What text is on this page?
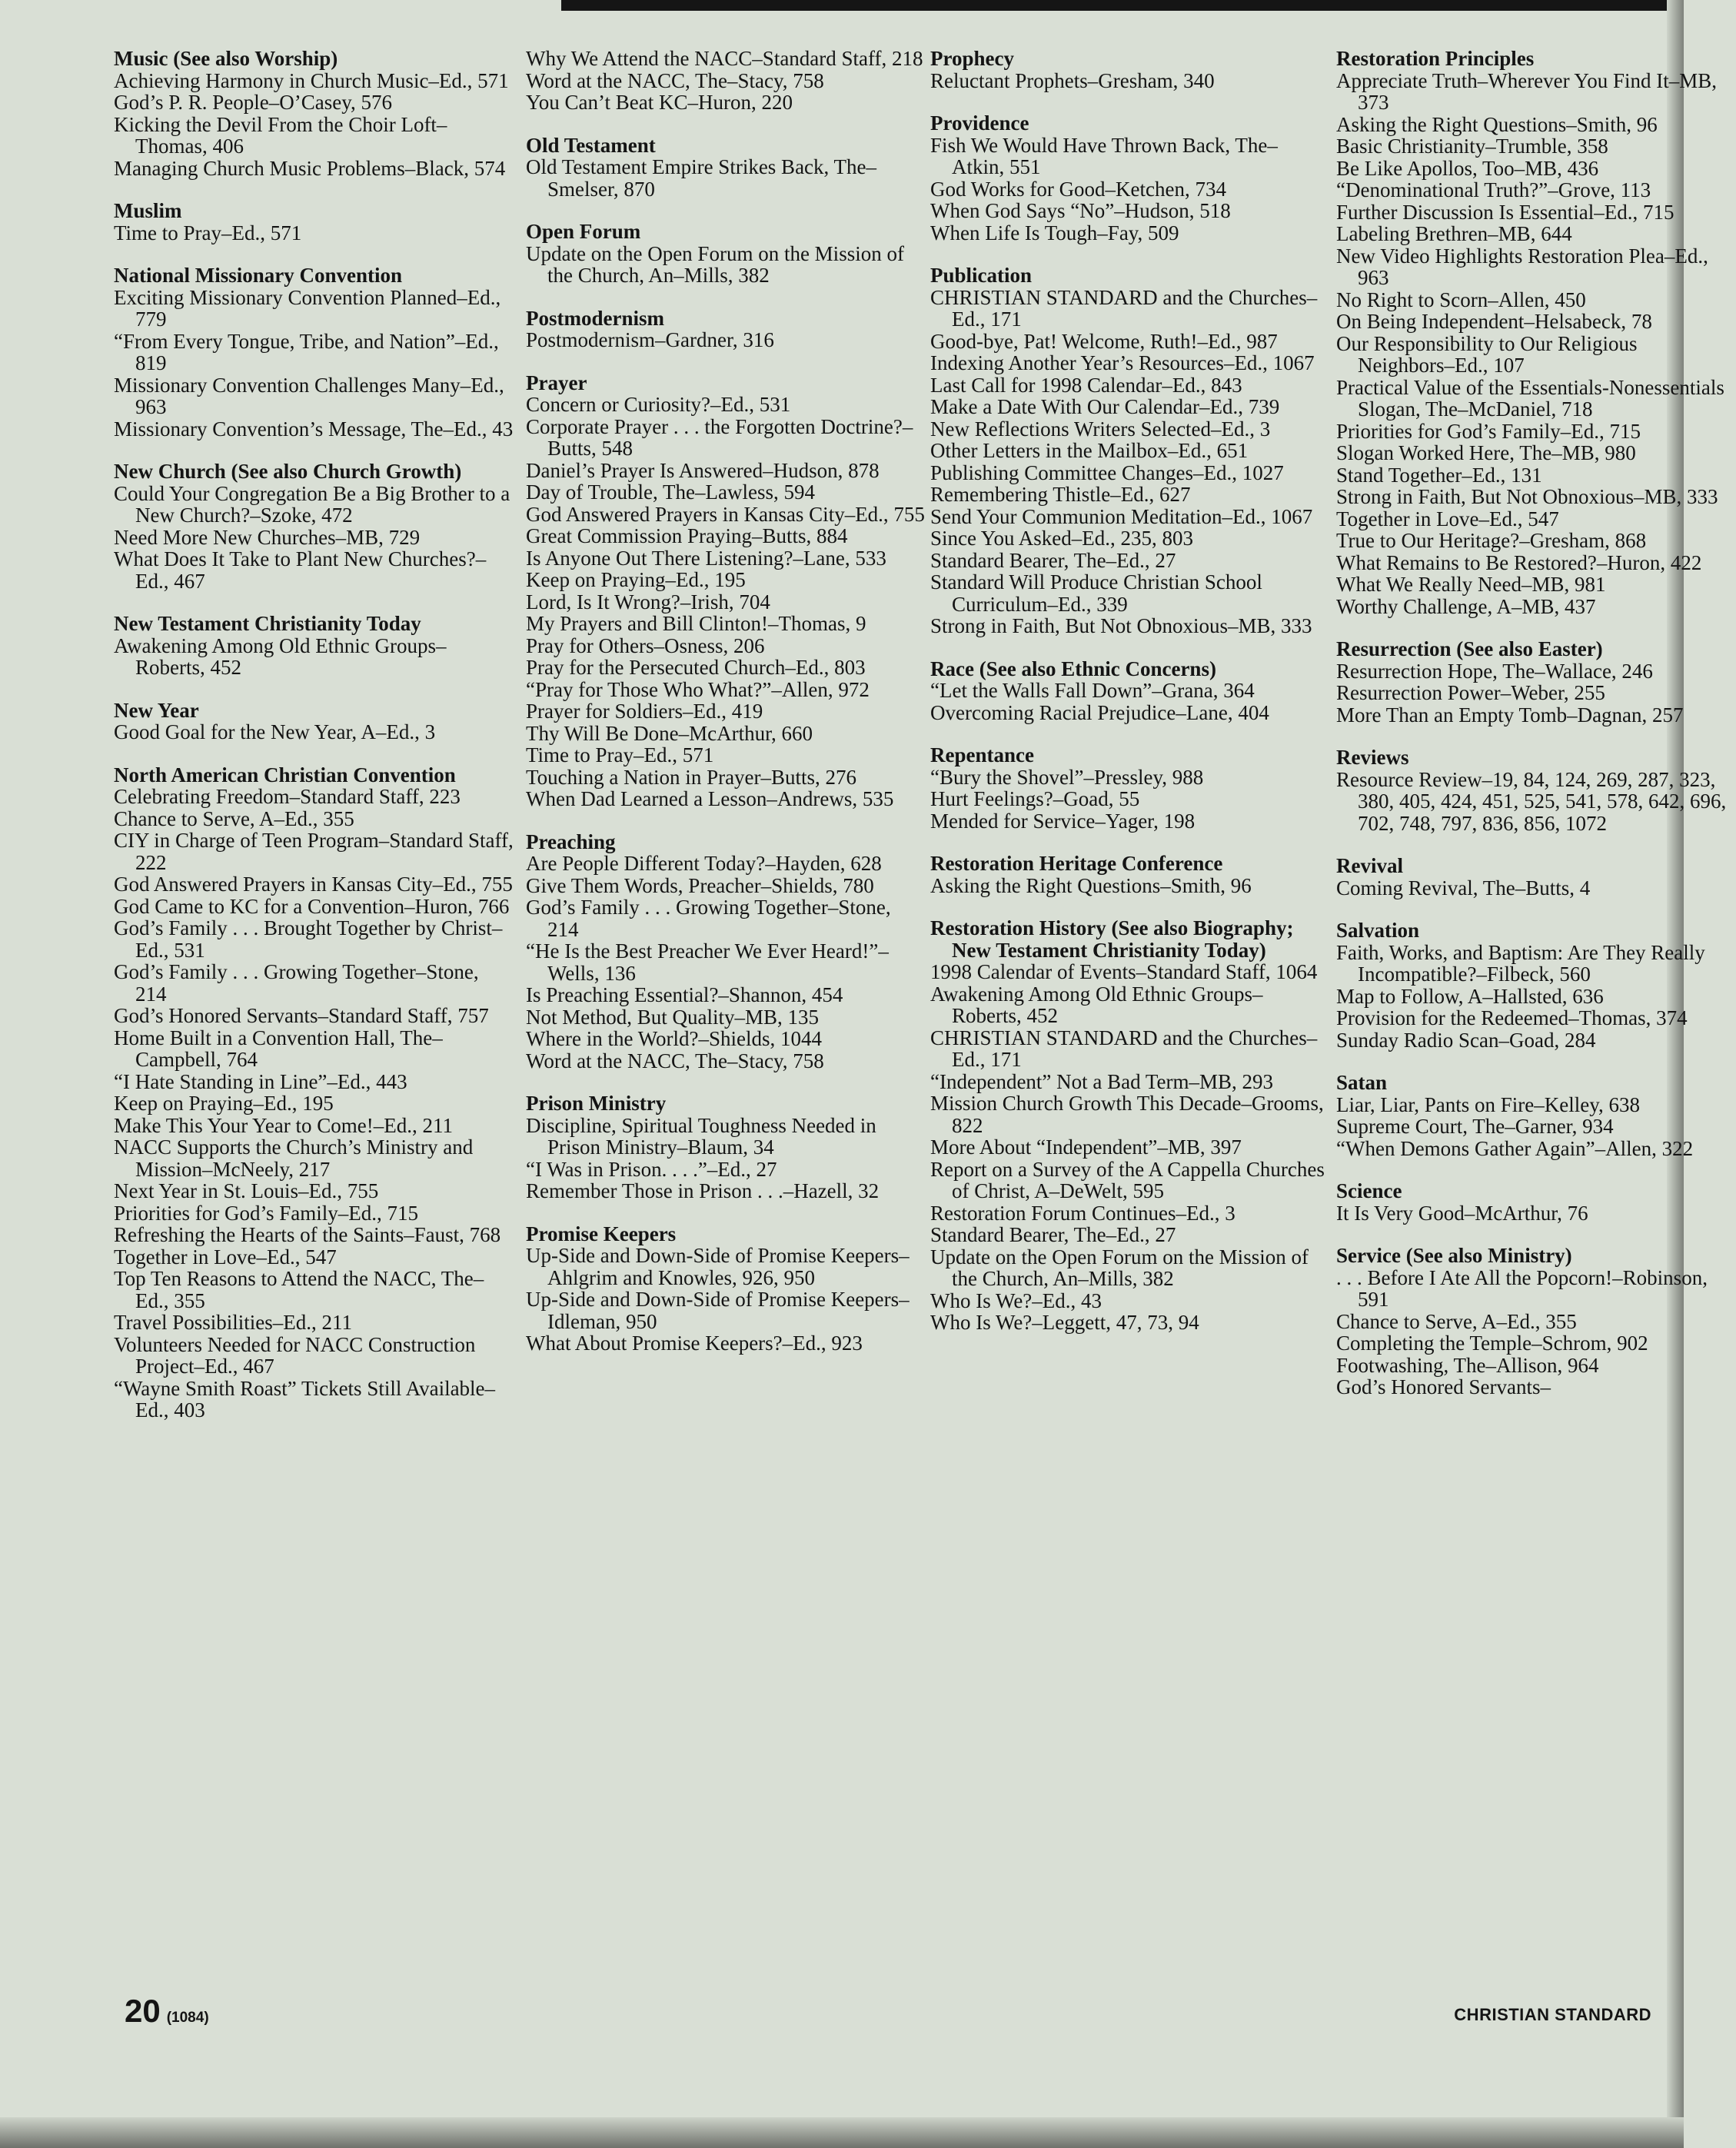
Music (See also Worship)
Achieving Harmony in Church Music–Ed., 571
God’s P. R. People–O’Casey, 576
Kicking the Devil From the Choir Loft–Thomas, 406
Managing Church Music Problems–Black, 574
Muslim
Time to Pray–Ed., 571
National Missionary Convention
Exciting Missionary Convention Planned–Ed., 779
“From Every Tongue, Tribe, and Nation”–Ed., 819
Missionary Convention Challenges Many–Ed., 963
Missionary Convention’s Message, The–Ed., 43
New Church (See also Church Growth)
Could Your Congregation Be a Big Brother to a New Church?–Szoke, 472
Need More New Churches–MB, 729
What Does It Take to Plant New Churches?–Ed., 467
New Testament Christianity Today
Awakening Among Old Ethnic Groups–Roberts, 452
New Year
Good Goal for the New Year, A–Ed., 3
North American Christian Convention
Celebrating Freedom–Standard Staff, 223
Chance to Serve, A–Ed., 355
CIY in Charge of Teen Program–Standard Staff, 222
God Answered Prayers in Kansas City–Ed., 755
God Came to KC for a Convention–Huron, 766
God’s Family . . . Brought Together by Christ–Ed., 531
God’s Family . . . Growing Together–Stone, 214
God’s Honored Servants–Standard Staff, 757
Home Built in a Convention Hall, The–Campbell, 764
“I Hate Standing in Line”–Ed., 443
Keep on Praying–Ed., 195
Make This Your Year to Come!–Ed., 211
NACC Supports the Church’s Ministry and Mission–McNeely, 217
Next Year in St. Louis–Ed., 755
Priorities for God’s Family–Ed., 715
Refreshing the Hearts of the Saints–Faust, 768
Together in Love–Ed., 547
Top Ten Reasons to Attend the NACC, The–Ed., 355
Travel Possibilities–Ed., 211
Volunteers Needed for NACC Construction Project–Ed., 467
“Wayne Smith Roast” Tickets Still Available–Ed., 403
Why We Attend the NACC–Standard Staff, 218
Word at the NACC, The–Stacy, 758
You Can’t Beat KC–Huron, 220
Old Testament
Old Testament Empire Strikes Back, The–Smelser, 870
Open Forum
Update on the Open Forum on the Mission of the Church, An–Mills, 382
Postmodernism
Postmodernism–Gardner, 316
Prayer
Concern or Curiosity?–Ed., 531
Corporate Prayer . . . the Forgotten Doctrine?–Butts, 548
Daniel’s Prayer Is Answered–Hudson, 878
Day of Trouble, The–Lawless, 594
God Answered Prayers in Kansas City–Ed., 755
Great Commission Praying–Butts, 884
Is Anyone Out There Listening?–Lane, 533
Keep on Praying–Ed., 195
Lord, Is It Wrong?–Irish, 704
My Prayers and Bill Clinton!–Thomas, 9
Pray for Others–Osness, 206
Pray for the Persecuted Church–Ed., 803
“Pray for Those Who What?”–Allen, 972
Prayer for Soldiers–Ed., 419
Thy Will Be Done–McArthur, 660
Time to Pray–Ed., 571
Touching a Nation in Prayer–Butts, 276
When Dad Learned a Lesson–Andrews, 535
Preaching
Are People Different Today?–Hayden, 628
Give Them Words, Preacher–Shields, 780
God’s Family . . . Growing Together–Stone, 214
“He Is the Best Preacher We Ever Heard!”–Wells, 136
Is Preaching Essential?–Shannon, 454
Not Method, But Quality–MB, 135
Where in the World?–Shields, 1044
Word at the NACC, The–Stacy, 758
Prison Ministry
Discipline, Spiritual Toughness Needed in Prison Ministry–Blaum, 34
“I Was in Prison. . . .”–Ed., 27
Remember Those in Prison . . .–Hazell, 32
Promise Keepers
Up-Side and Down-Side of Promise Keepers–Ahlgrim and Knowles, 926, 950
Up-Side and Down-Side of Promise Keepers–Idleman, 950
What About Promise Keepers?–Ed., 923
Prophecy
Reluctant Prophets–Gresham, 340
Providence
Fish We Would Have Thrown Back, The–Atkin, 551
God Works for Good–Ketchen, 734
When God Says “No”–Hudson, 518
When Life Is Tough–Fay, 509
Publication
CHRISTIAN STANDARD and the Churches–Ed., 171
Good-bye, Pat! Welcome, Ruth!–Ed., 987
Indexing Another Year’s Resources–Ed., 1067
Last Call for 1998 Calendar–Ed., 843
Make a Date With Our Calendar–Ed., 739
New Reflections Writers Selected–Ed., 3
Other Letters in the Mailbox–Ed., 651
Publishing Committee Changes–Ed., 1027
Remembering Thistle–Ed., 627
Send Your Communion Meditation–Ed., 1067
Since You Asked–Ed., 235, 803
Standard Bearer, The–Ed., 27
Standard Will Produce Christian School Curriculum–Ed., 339
Strong in Faith, But Not Obnoxious–MB, 333
Race (See also Ethnic Concerns)
“Let the Walls Fall Down”–Grana, 364
Overcoming Racial Prejudice–Lane, 404
Repentance
“Bury the Shovel”–Pressley, 988
Hurt Feelings?–Goad, 55
Mended for Service–Yager, 198
Restoration Heritage Conference
Asking the Right Questions–Smith, 96
Restoration History (See also Biography; New Testament Christianity Today)
1998 Calendar of Events–Standard Staff, 1064
Awakening Among Old Ethnic Groups–Roberts, 452
CHRISTIAN STANDARD and the Churches–Ed., 171
“Independent” Not a Bad Term–MB, 293
Mission Church Growth This Decade–Grooms, 822
More About “Independent”–MB, 397
Report on a Survey of the A Cappella Churches of Christ, A–DeWelt, 595
Restoration Forum Continues–Ed., 3
Standard Bearer, The–Ed., 27
Update on the Open Forum on the Mission of the Church, An–Mills, 382
Who Is We?–Ed., 43
Who Is We?–Leggett, 47, 73, 94
Restoration Principles
Appreciate Truth–Wherever You Find It–MB, 373
Asking the Right Questions–Smith, 96
Basic Christianity–Trumble, 358
Be Like Apollos, Too–MB, 436
“Denominational Truth?”–Grove, 113
Further Discussion Is Essential–Ed., 715
Labeling Brethren–MB, 644
New Video Highlights Restoration Plea–Ed., 963
No Right to Scorn–Allen, 450
On Being Independent–Helsabeck, 78
Our Responsibility to Our Religious Neighbors–Ed., 107
Practical Value of the Essentials-Nonessentials Slogan, The–McDaniel, 718
Priorities for God’s Family–Ed., 715
Slogan Worked Here, The–MB, 980
Stand Together–Ed., 131
Strong in Faith, But Not Obnoxious–MB, 333
Together in Love–Ed., 547
True to Our Heritage?–Gresham, 868
What Remains to Be Restored?–Huron, 422
What We Really Need–MB, 981
Worthy Challenge, A–MB, 437
Resurrection (See also Easter)
Resurrection Hope, The–Wallace, 246
Resurrection Power–Weber, 255
More Than an Empty Tomb–Dagnan, 257
Reviews
Resource Review–19, 84, 124, 269, 287, 323, 380, 405, 424, 451, 525, 541, 578, 642, 696, 702, 748, 797, 836, 856, 1072
Revival
Coming Revival, The–Butts, 4
Salvation
Faith, Works, and Baptism: Are They Really Incompatible?–Filbeck, 560
Map to Follow, A–Hallsted, 636
Provision for the Redeemed–Thomas, 374
Sunday Radio Scan–Goad, 284
Satan
Liar, Liar, Pants on Fire–Kelley, 638
Supreme Court, The–Garner, 934
“When Demons Gather Again”–Allen, 322
Science
It Is Very Good–McArthur, 76
Service (See also Ministry)
. . . Before I Ate All the Popcorn!–Robinson, 591
Chance to Serve, A–Ed., 355
Completing the Temple–Schrom, 902
Footwashing, The–Allison, 964
God’s Honored Servants–
20 (1084)	CHRISTIAN STANDARD
